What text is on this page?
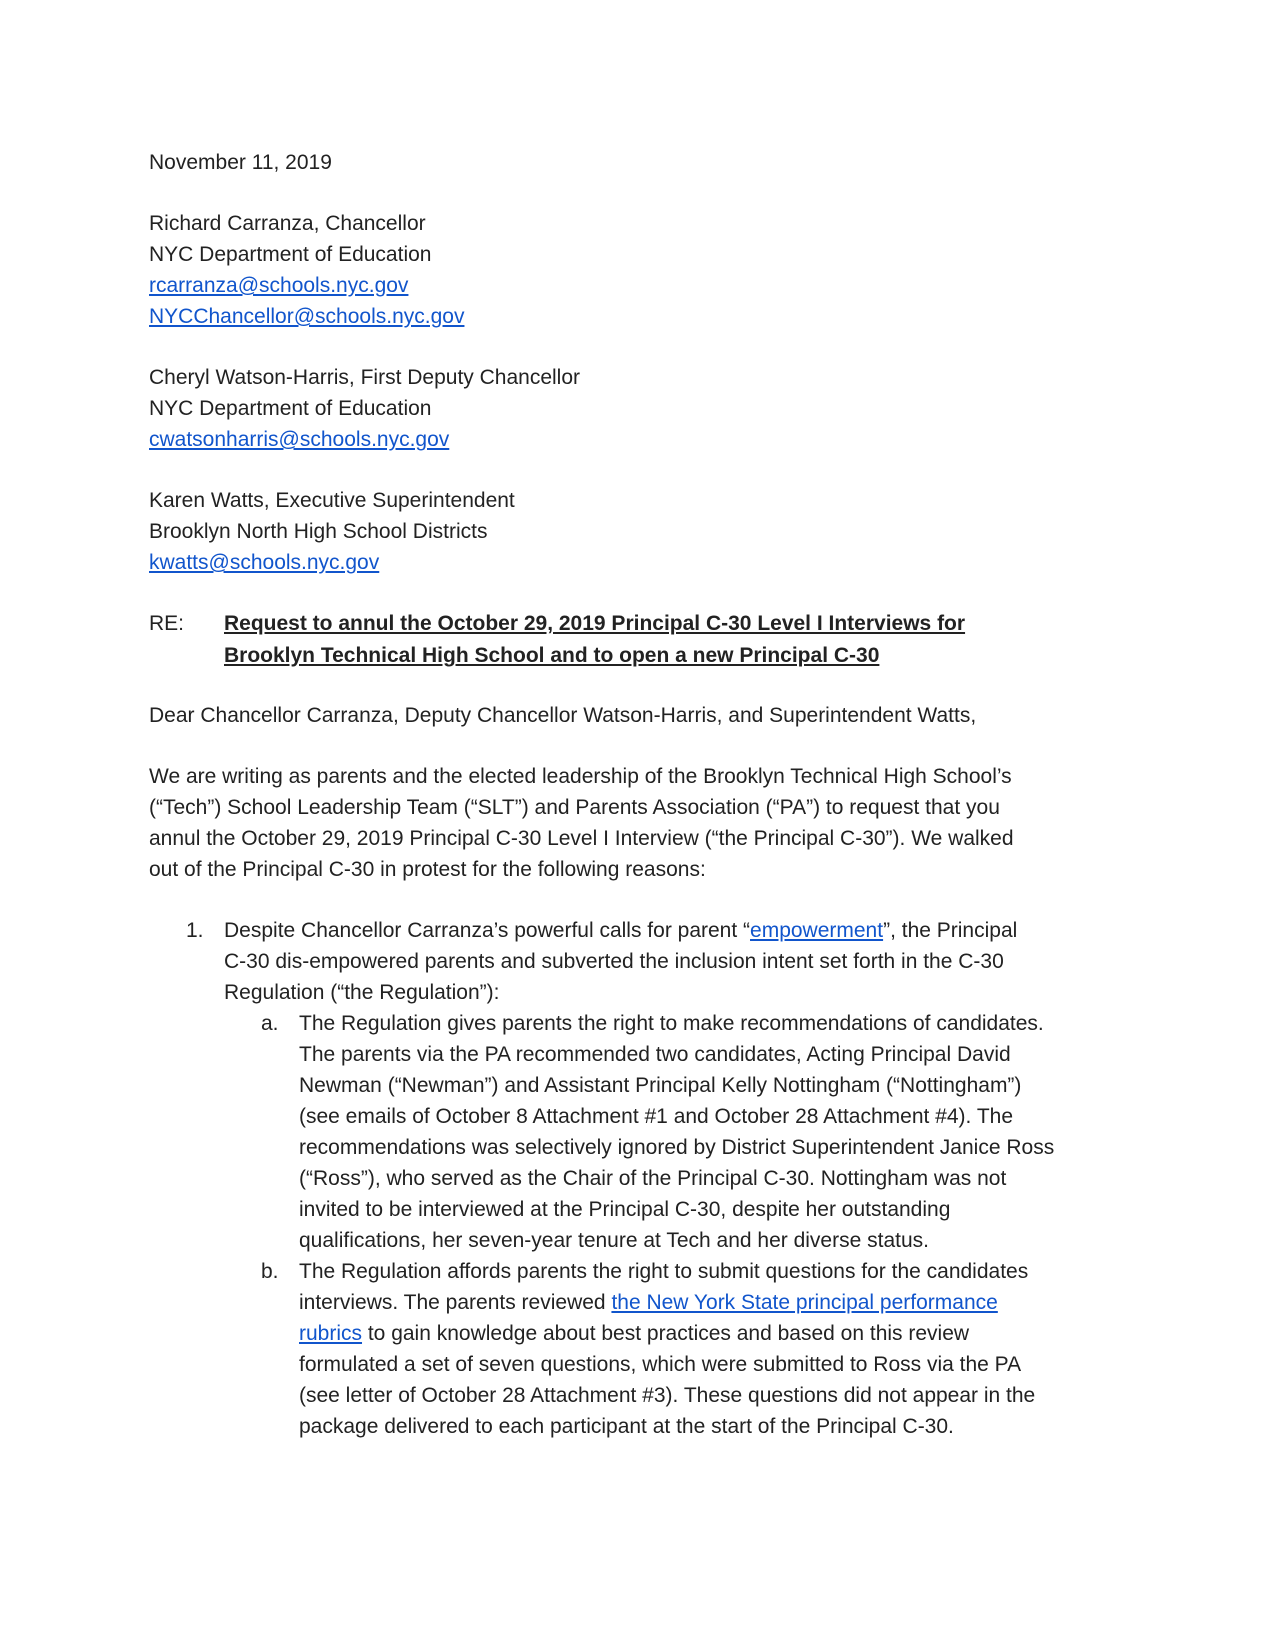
November 11, 2019
Richard Carranza, Chancellor
NYC Department of Education
rcarranza@schools.nyc.gov
NYCChancellor@schools.nyc.gov
Cheryl Watson-Harris, First Deputy Chancellor
NYC Department of Education
cwatsonharris@schools.nyc.gov
Karen Watts, Executive Superintendent
Brooklyn North High School Districts
kwatts@schools.nyc.gov
RE: Request to annul the October 29, 2019 Principal C-30 Level I Interviews for
Brooklyn Technical High School and to open a new Principal C-30
Dear Chancellor Carranza, Deputy Chancellor Watson-Harris, and Superintendent Watts,
We are writing as parents and the elected leadership of the Brooklyn Technical High School’s
(“Tech”) School Leadership Team (“SLT”) and Parents Association (“PA”) to request that you
annul the October 29, 2019 Principal C-30 Level I Interview (“the Principal C-30”). We walked
out of the Principal C-30 in protest for the following reasons:
1. Despite Chancellor Carranza’s powerful calls for parent “empowerment”, the Principal
C-30 dis-empowered parents and subverted the inclusion intent set forth in the C-30
Regulation (“the Regulation”):
a. The Regulation gives parents the right to make recommendations of candidates.
The parents via the PA recommended two candidates, Acting Principal David
Newman (“Newman”) and Assistant Principal Kelly Nottingham (“Nottingham”)
(see emails of October 8 Attachment #1 and October 28 Attachment #4). The
recommendations was selectively ignored by District Superintendent Janice Ross
(“Ross”), who served as the Chair of the Principal C-30. Nottingham was not
invited to be interviewed at the Principal C-30, despite her outstanding
qualifications, her seven-year tenure at Tech and her diverse status.
b. The Regulation affords parents the right to submit questions for the candidates
interviews. The parents reviewed the New York State principal performance
rubrics to gain knowledge about best practices and based on this review
formulated a set of seven questions, which were submitted to Ross via the PA
(see letter of October 28 Attachment #3). These questions did not appear in the
package delivered to each participant at the start of the Principal C-30.
